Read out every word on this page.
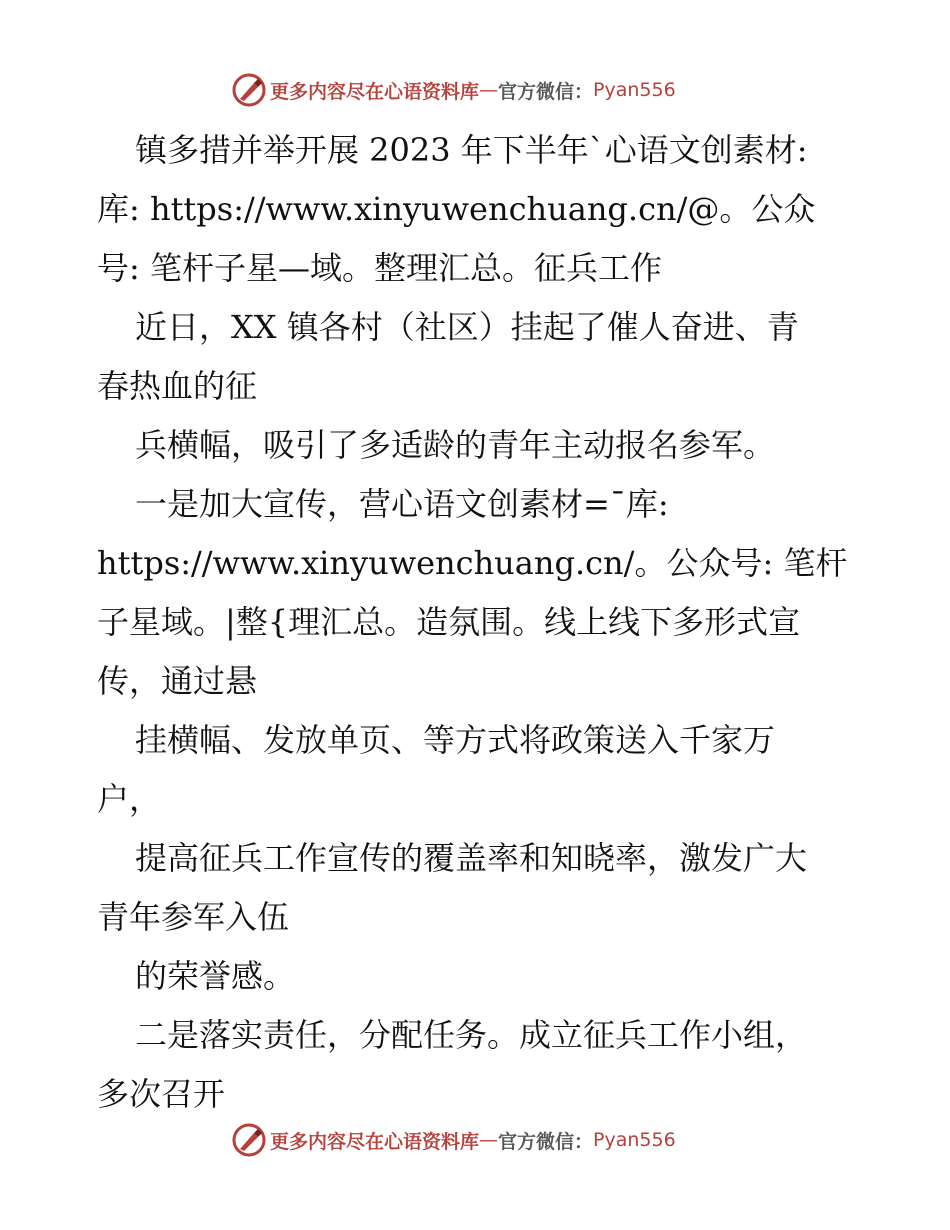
更多内容尽在心语资料库 — 官方微信： Pyan556
镇多措并举开展 2023 年下半年`心语文创素材:
库: https://www.xinyuwenchuang.cn/@。公众
号: 笔杆子星—域。整理汇总。征兵工作
近日，XX 镇各村（社区）挂起了催人奋进、青
春热血的征
兵横幅，吸引了多适龄的青年主动报名参军。
一是加大宣传，营心语文创素材=¯库:
https://www.xinyuwenchuang.cn/。公众号: 笔杆
子星域。|整{理汇总。造氛围。线上线下多形式宣
传，通过悬
挂横幅、发放单页、等方式将政策送入千家万
户，
提高征兵工作宣传的覆盖率和知晓率，激发广大
青年参军入伍
的荣誉感。
二是落实责任，分配任务。成立征兵工作小组，
多次召开
更多内容尽在心语资料库 — 官方微信： Pyan556
